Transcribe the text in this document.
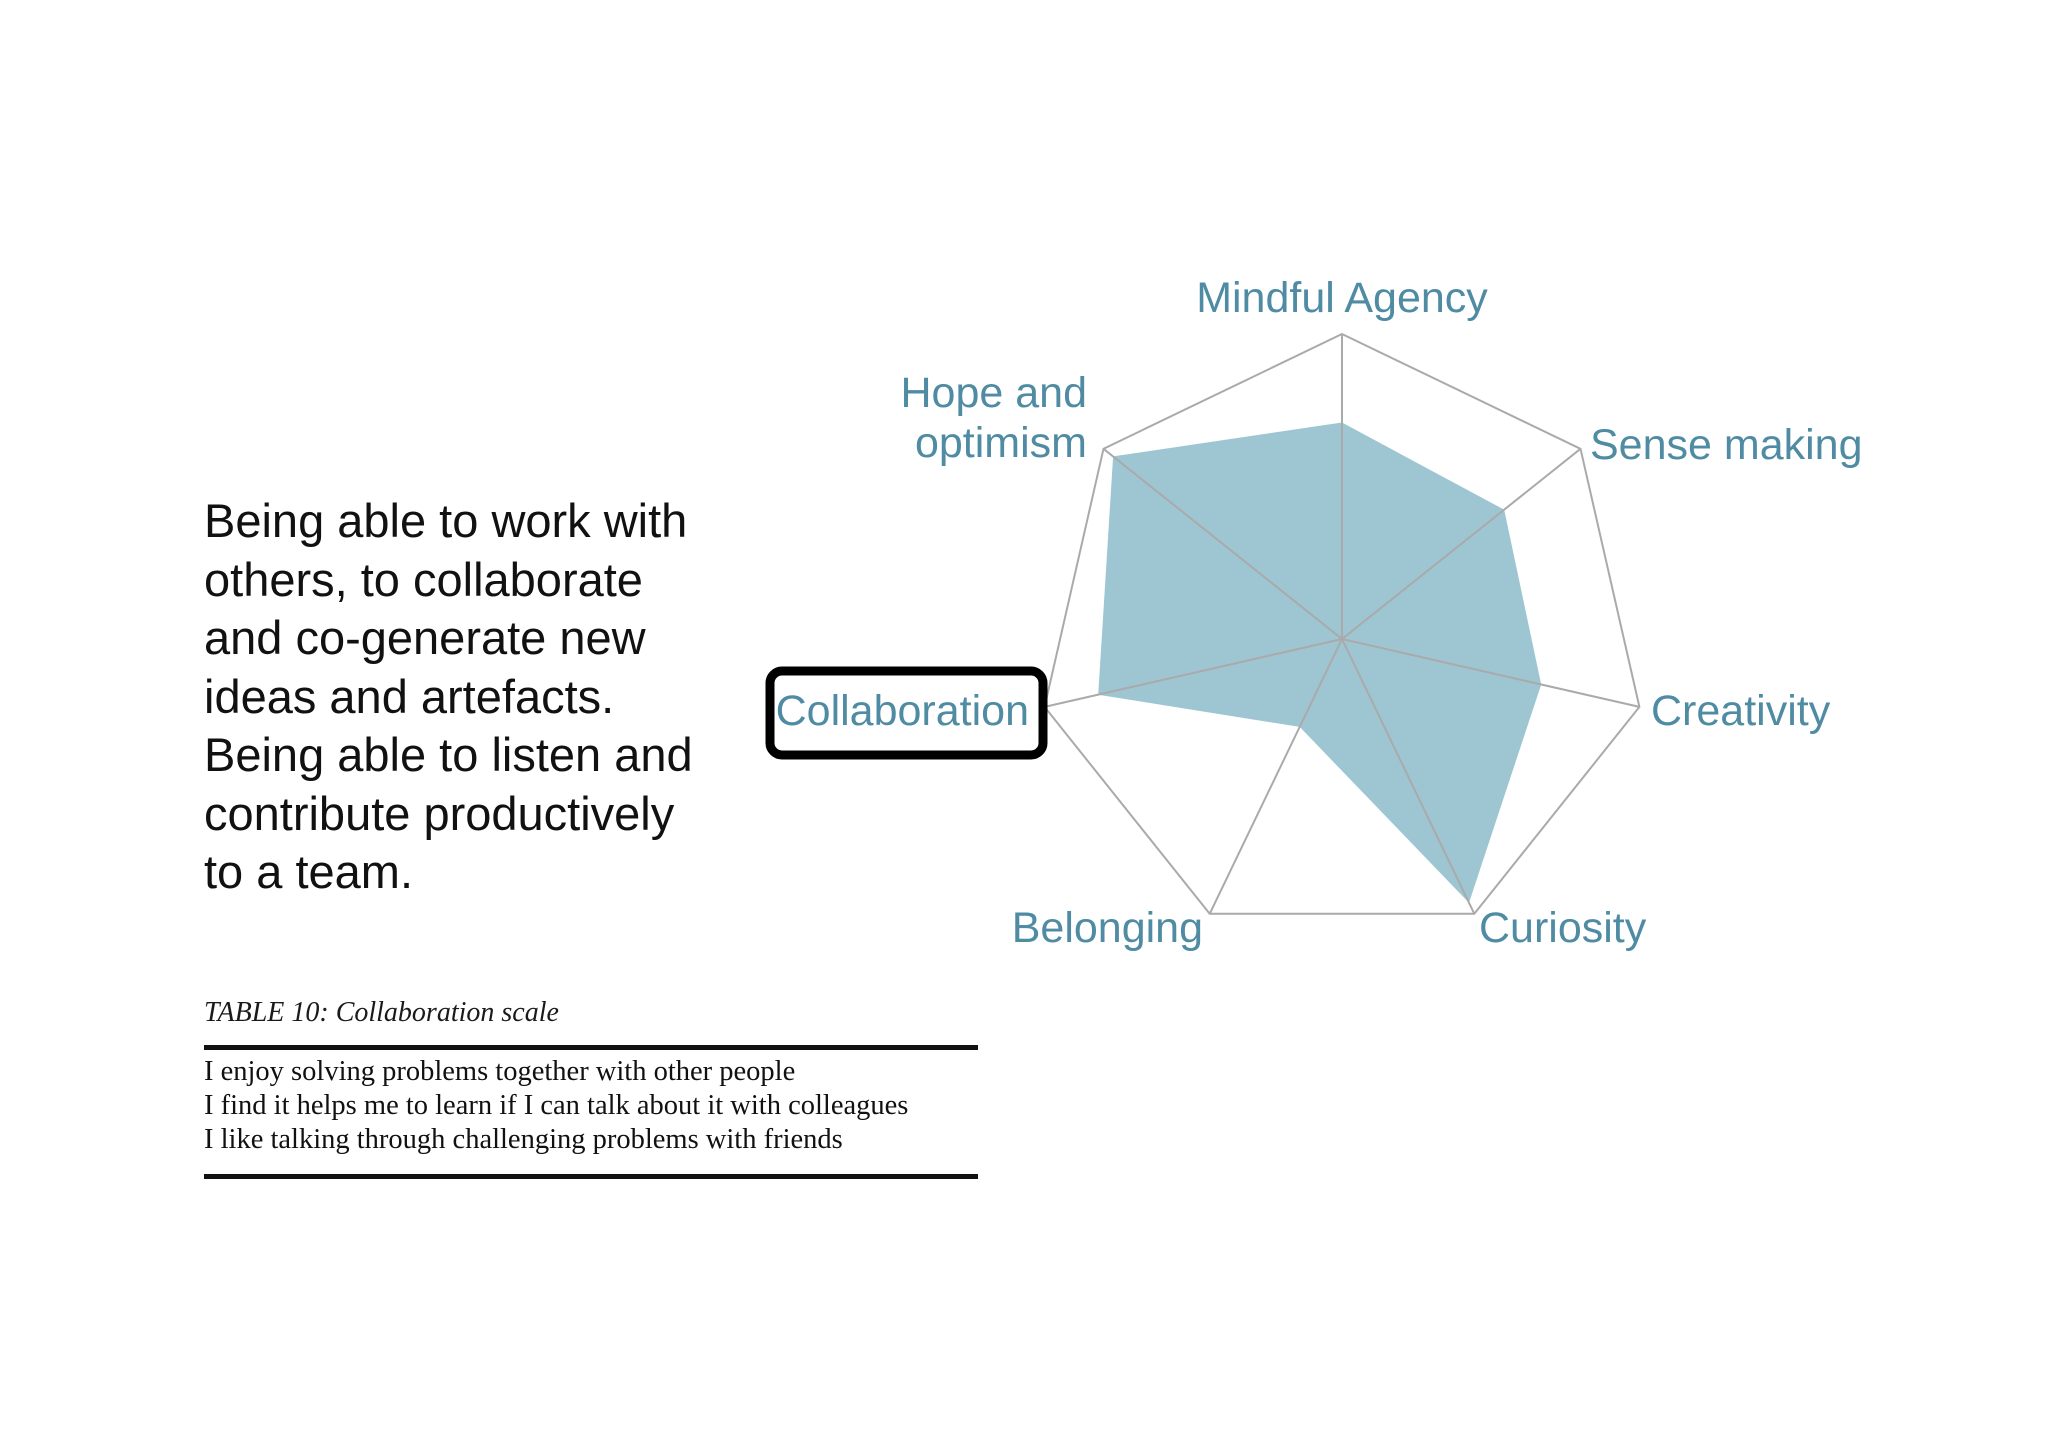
Being able to work with
others, to collaborate
and co-generate new
ideas and artefacts.
Being able to listen and
contribute productively
to a team.

TABLE 10: Collaboration scale
I enjoy solving problems together with other people
I find it helps me to learn if I can talk about it with colleagues
I like talking through challenging problems with friends
Mindful Agency
Sense making
Creativity
Curiosity
Belonging
Collaboration
Hope and optimism
